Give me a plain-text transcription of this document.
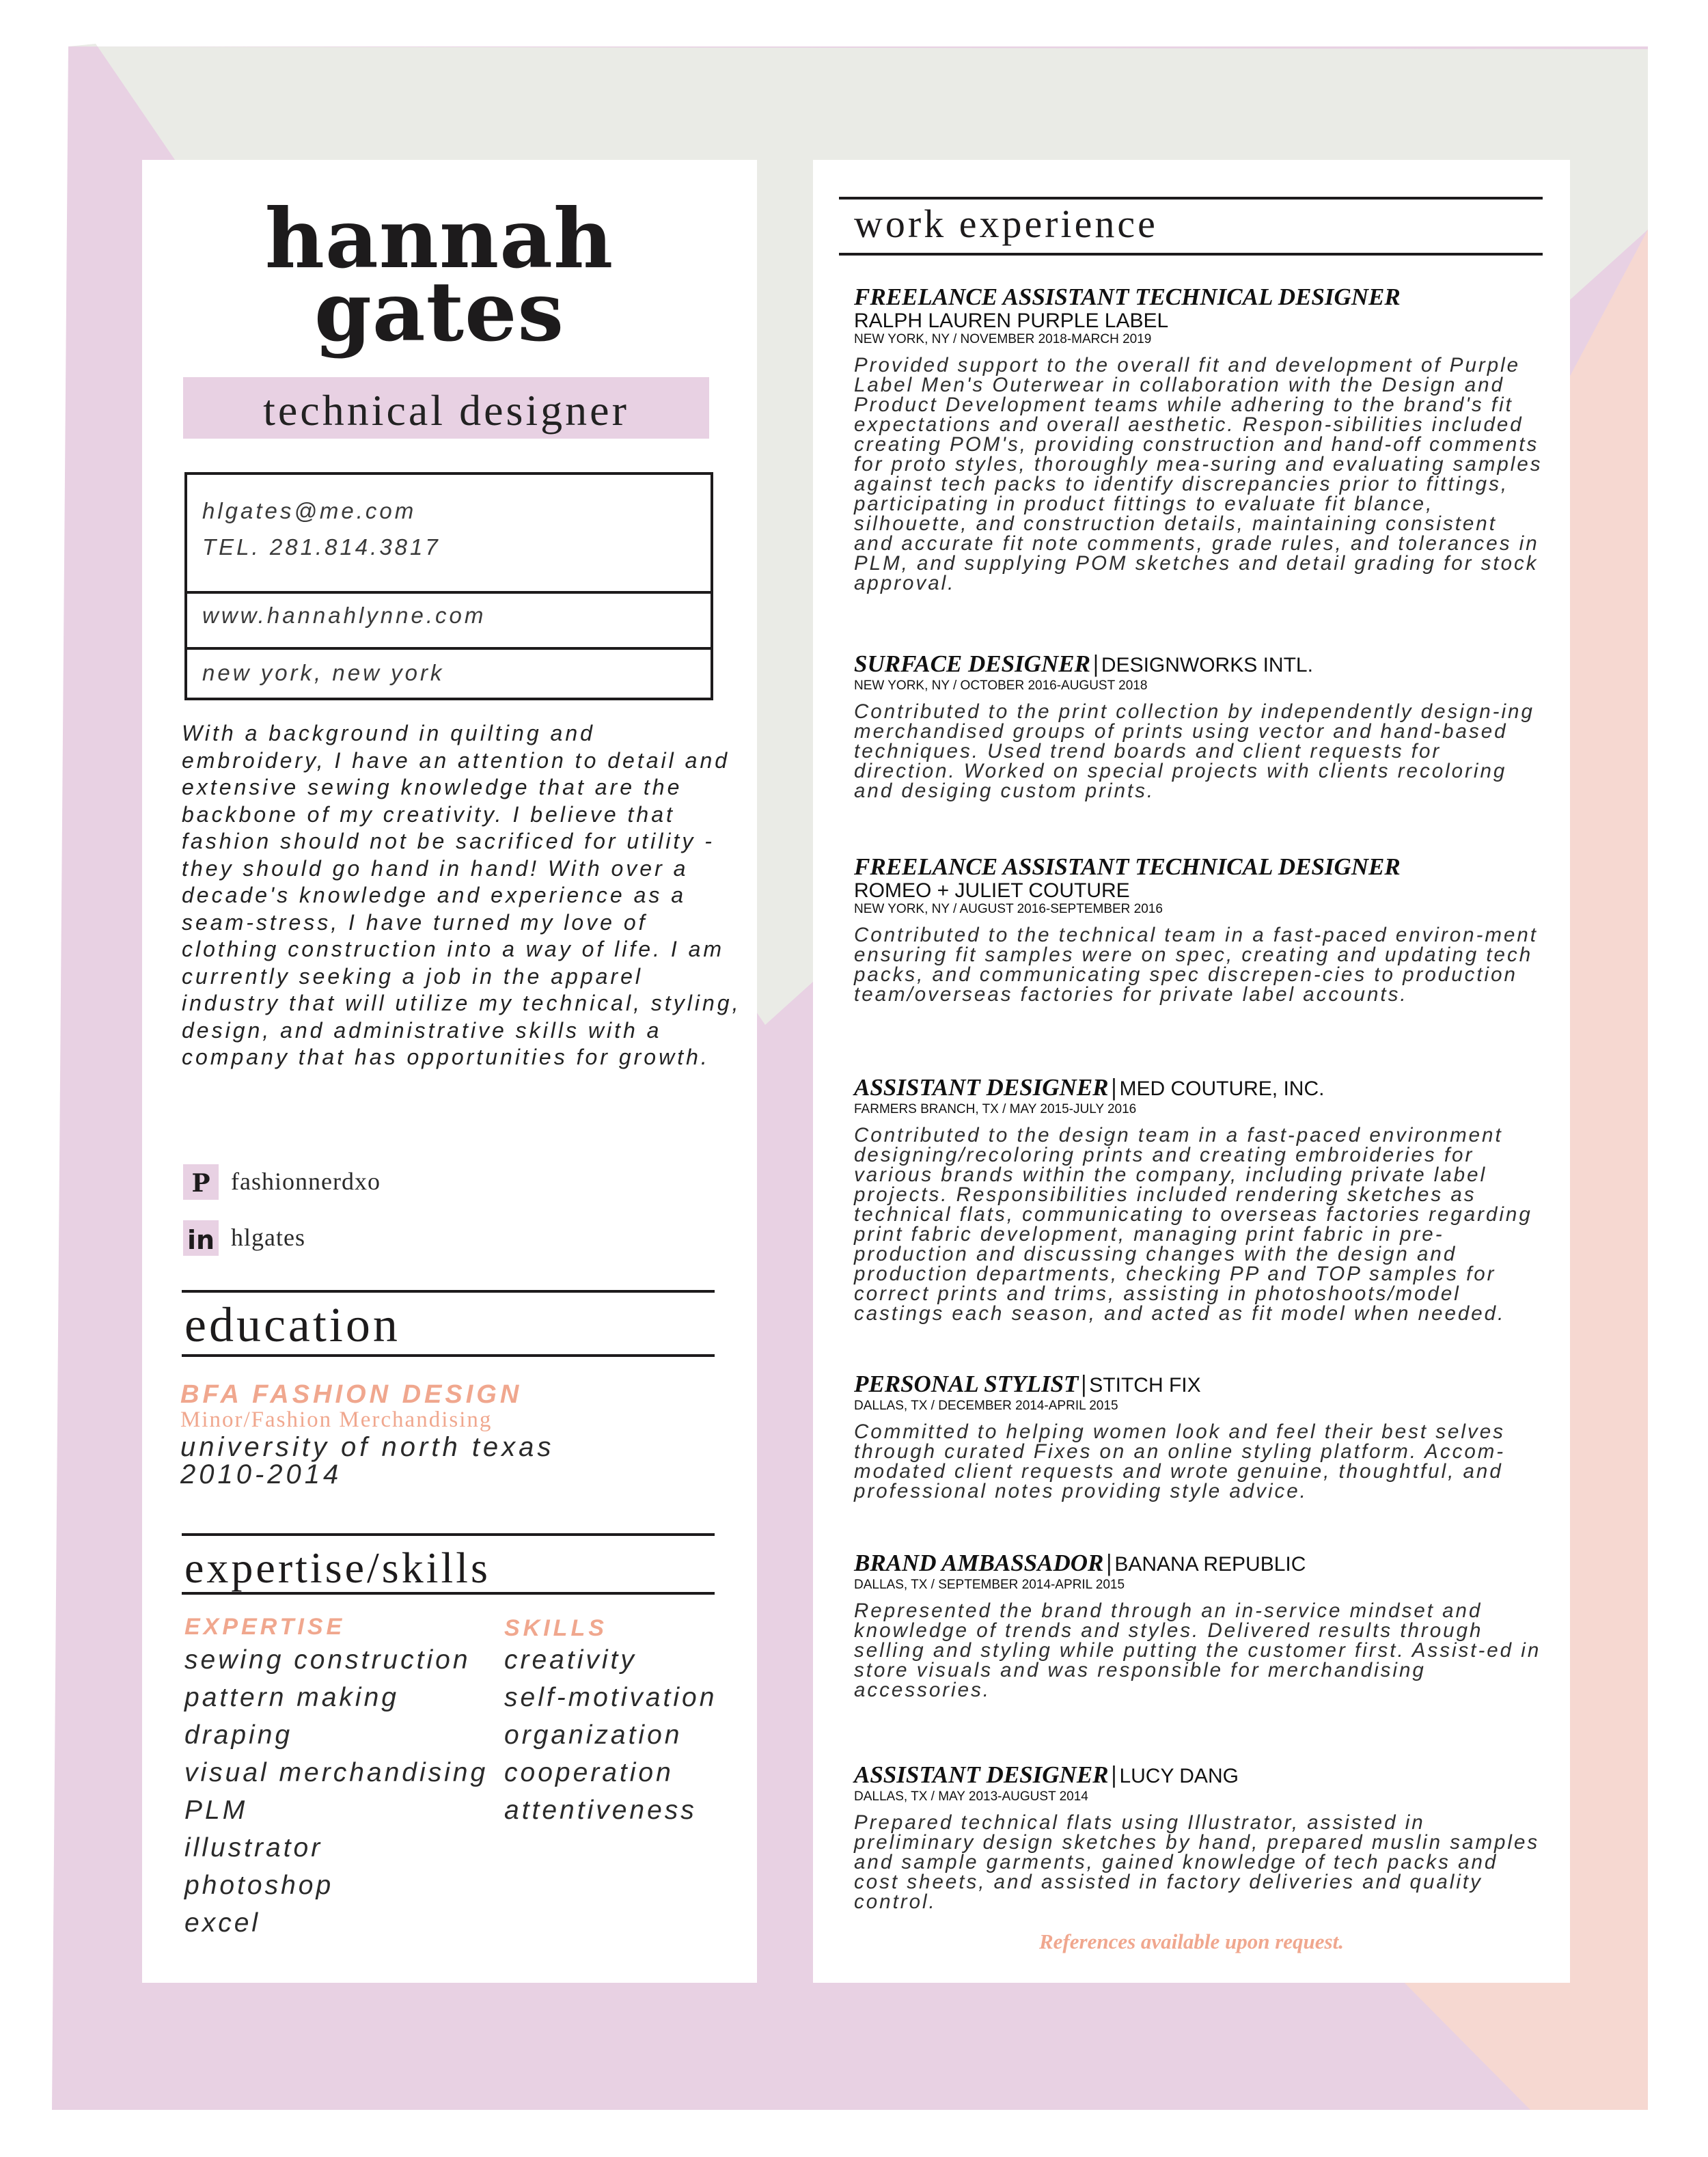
hannah
gates
technical designer
hlgates@me.com
TEL. 281.814.3817
www.hannahlynne.com
new york, new york
With a background in quilting and embroidery, I have an attention to detail and extensive sewing knowledge that are the backbone of my creativity. I believe that fashion should not be sacrificed for utility - they should go hand in hand! With over a decade's knowledge and experience as a seam-stress, I have turned my love of clothing construction into a way of life. I am currently seeking a job in the apparel industry that will utilize my technical, styling, design, and administrative skills with a company that has opportunities for growth.
P fashionnerdxo
in hlgates
education
BFA FASHION DESIGN
Minor/Fashion Merchandising
university of north texas
2010-2014
expertise/skills
EXPERTISE	SKILLS
sewing construction
pattern making
draping
visual merchandising
PLM
illustrator
photoshop
excel
creativity
self-motivation
organization
cooperation
attentiveness
work experience
FREELANCE ASSISTANT TECHNICAL DESIGNER
RALPH LAUREN PURPLE LABEL
NEW YORK, NY / NOVEMBER 2018-MARCH 2019
Provided support to the overall fit and development of Purple Label Men's Outerwear in collaboration with the Design and Product Development teams while adhering to the brand's fit expectations and overall aesthetic. Respon-sibilities included creating POM's, providing construction and hand-off comments for proto styles, thoroughly mea-suring and evaluating samples against tech packs to identify discrepancies prior to fittings, participating in product fittings to evaluate fit blance, silhouette, and construction details, maintaining consistent and accurate fit note comments, grade rules, and tolerances in PLM, and supplying POM sketches and detail grading for stock approval.
SURFACE DESIGNER | DESIGNWORKS INTL.
NEW YORK, NY / OCTOBER 2016-AUGUST 2018
Contributed to the print collection by independently design-ing merchandised groups of prints using vector and hand-based techniques. Used trend boards and client requests for direction. Worked on special projects with clients recoloring and desiging custom prints.
FREELANCE ASSISTANT TECHNICAL DESIGNER
ROMEO + JULIET COUTURE
NEW YORK, NY / AUGUST 2016-SEPTEMBER 2016
Contributed to the technical team in a fast-paced environ-ment ensuring fit samples were on spec, creating and updating tech packs, and communicating spec discrepen-cies to production team/overseas factories for private label accounts.
ASSISTANT DESIGNER | MED COUTURE, INC.
FARMERS BRANCH, TX / MAY 2015-JULY 2016
Contributed to the design team in a fast-paced environment designing/recoloring prints and creating embroideries for various brands within the company, including private label projects. Responsibilities included rendering sketches as technical flats, communicating to overseas factories regarding print fabric development, managing print fabric in pre-production and discussing changes with the design and production departments, checking PP and TOP samples for correct prints and trims, assisting in photoshoots/model castings each season, and acted as fit model when needed.
PERSONAL STYLIST | STITCH FIX
DALLAS, TX / DECEMBER 2014-APRIL 2015
Committed to helping women look and feel their best selves through curated Fixes on an online styling platform. Accom-modated client requests and wrote genuine, thoughtful, and professional notes providing style advice.
BRAND AMBASSADOR | BANANA REPUBLIC
DALLAS, TX / SEPTEMBER 2014-APRIL 2015
Represented the brand through an in-service mindset and knowledge of trends and styles. Delivered results through selling and styling while putting the customer first. Assist-ed in store visuals and was responsible for merchandising accessories.
ASSISTANT DESIGNER | LUCY DANG
DALLAS, TX / MAY 2013-AUGUST 2014
Prepared technical flats using Illustrator, assisted in preliminary design sketches by hand, prepared muslin samples and sample garments, gained knowledge of tech packs and cost sheets, and assisted in factory deliveries and quality control.
References available upon request.
